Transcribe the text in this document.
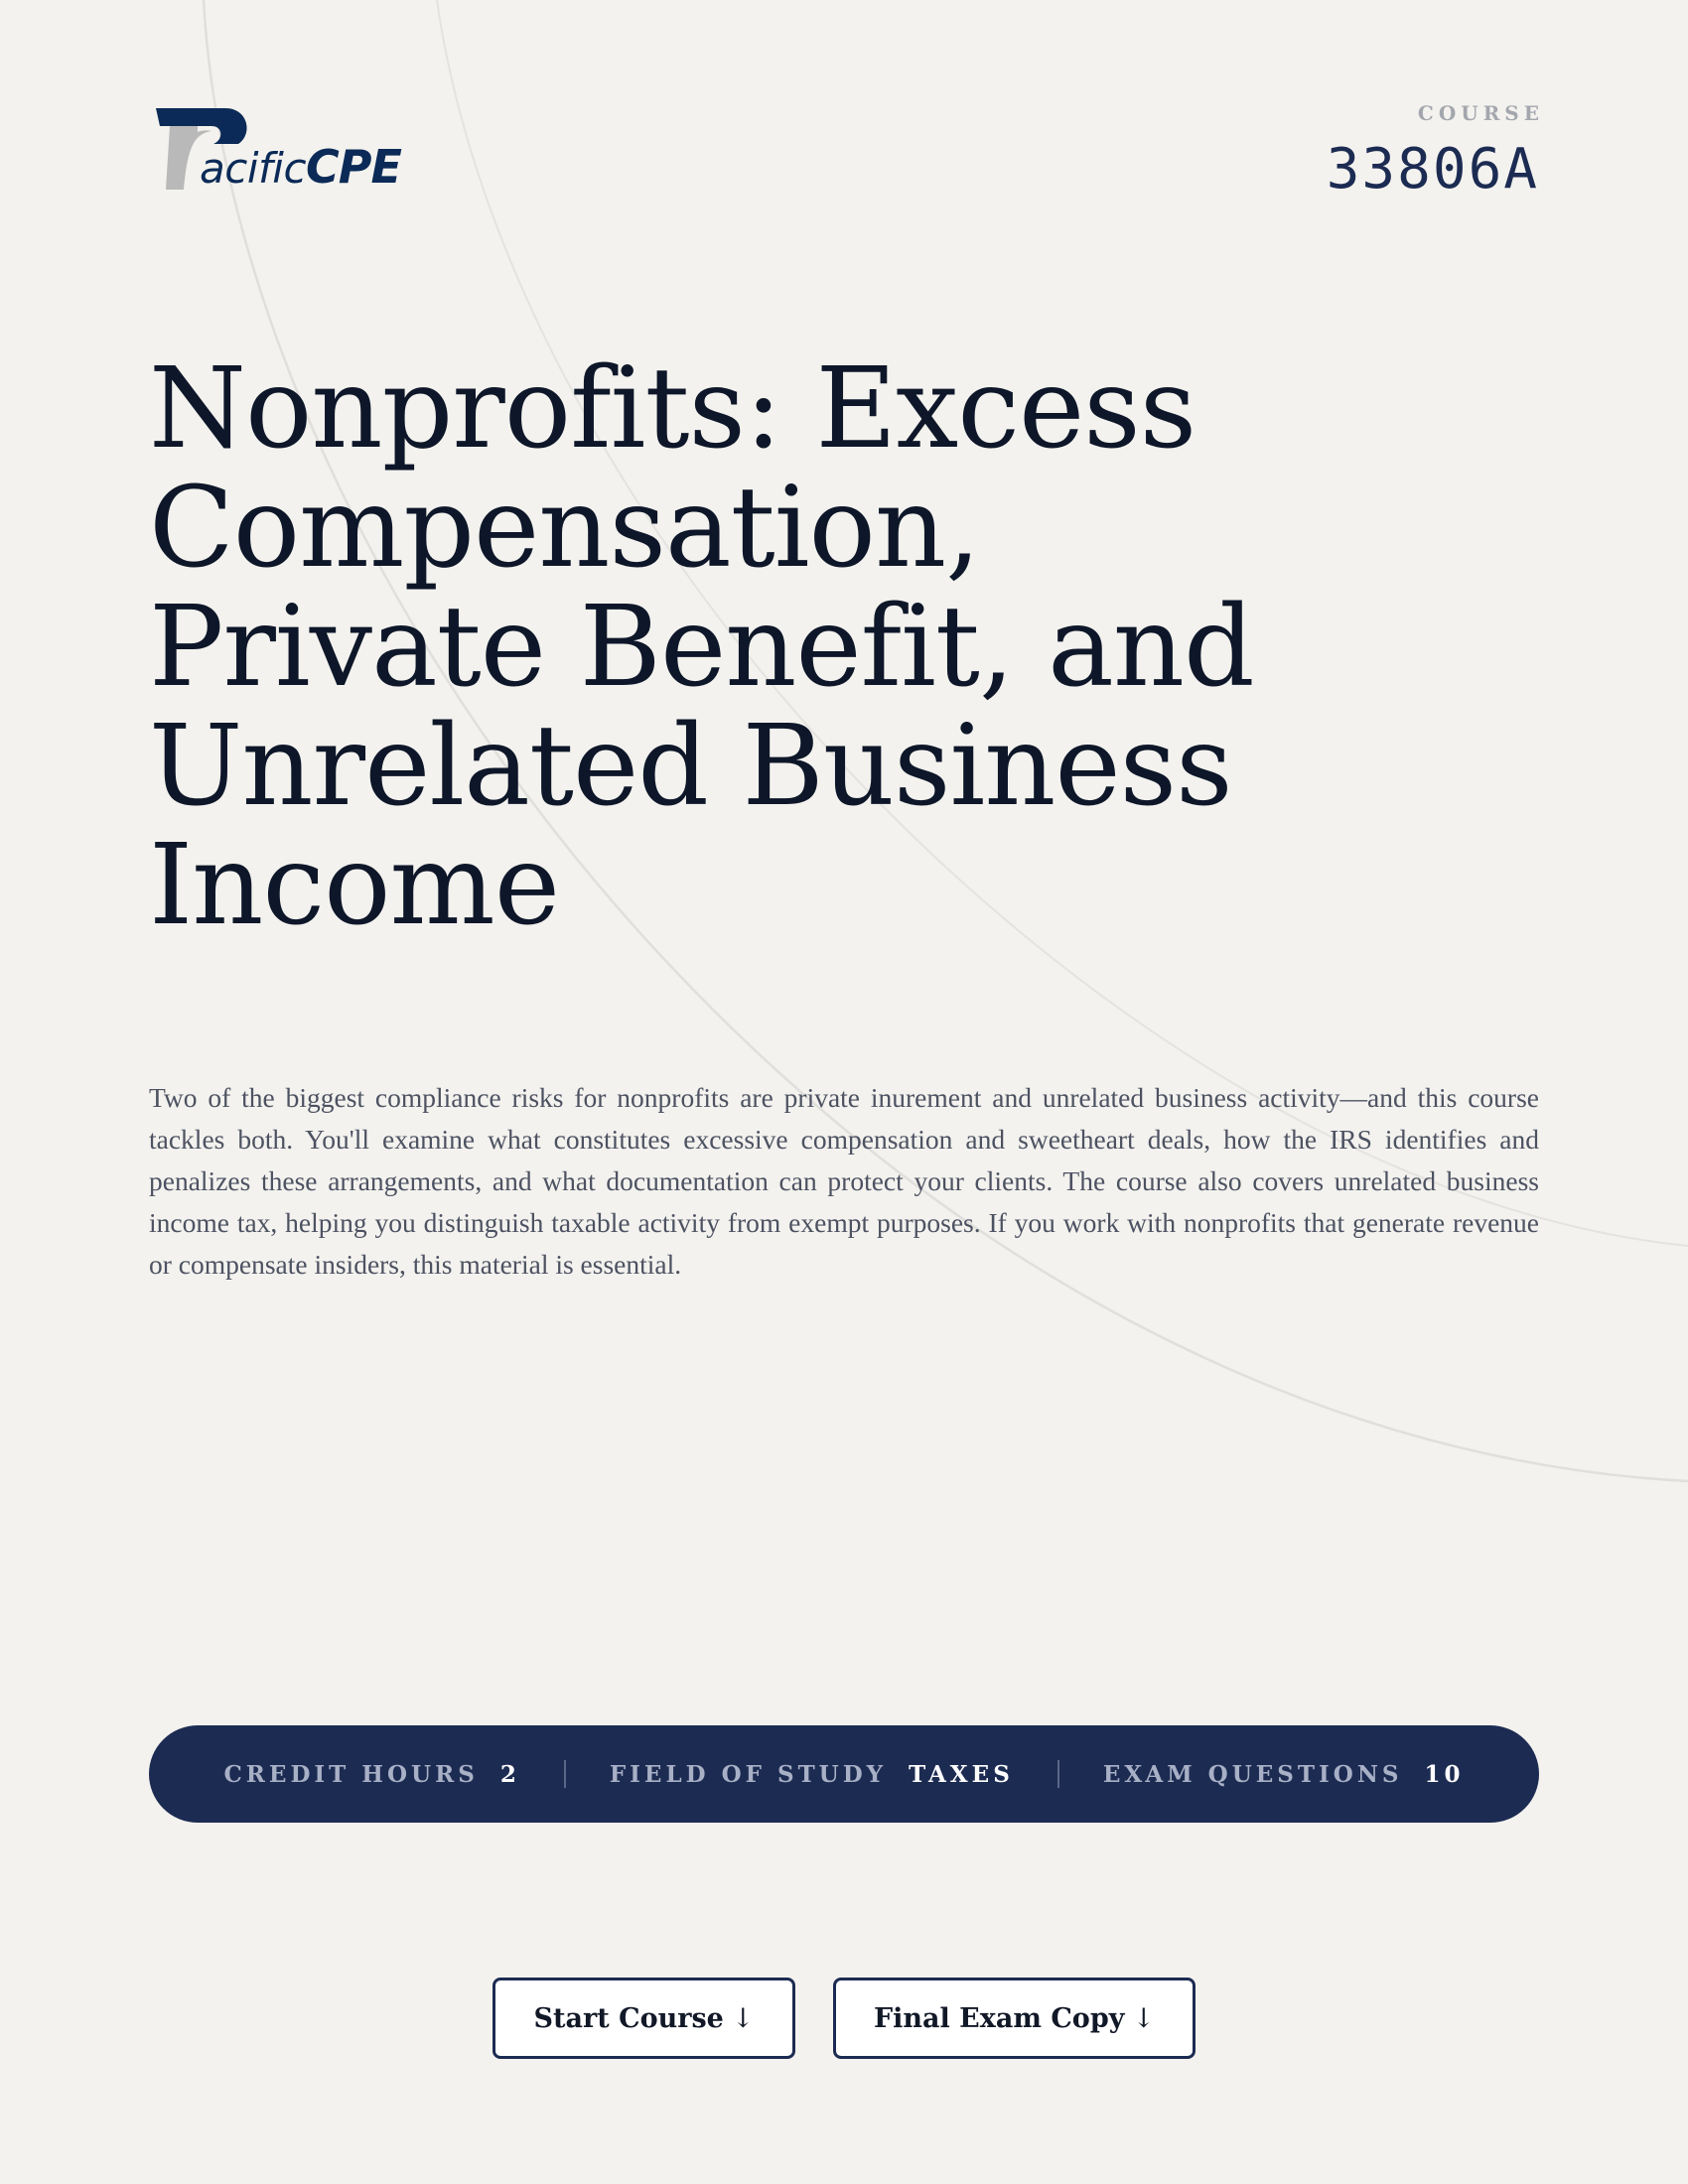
acificCPE
COURSE
33806A
Nonprofits: Excess Compensation, Private Benefit, and Unrelated Business Income

Two of the biggest compliance risks for nonprofits are private inurement and unrelated business activity—and this course tackles both. You'll examine what constitutes excessive compensation and sweetheart deals, how the IRS identifies and penalizes these arrangements, and what documentation can protect your clients. The course also covers unrelated business income tax, helping you distinguish taxable activity from exempt purposes. If you work with nonprofits that generate revenue or compensate insiders, this material is essential.

CREDIT HOURS 2	FIELD OF STUDY TAXES	EXAM QUESTIONS 10
Start Course ↓	Final Exam Copy ↓
